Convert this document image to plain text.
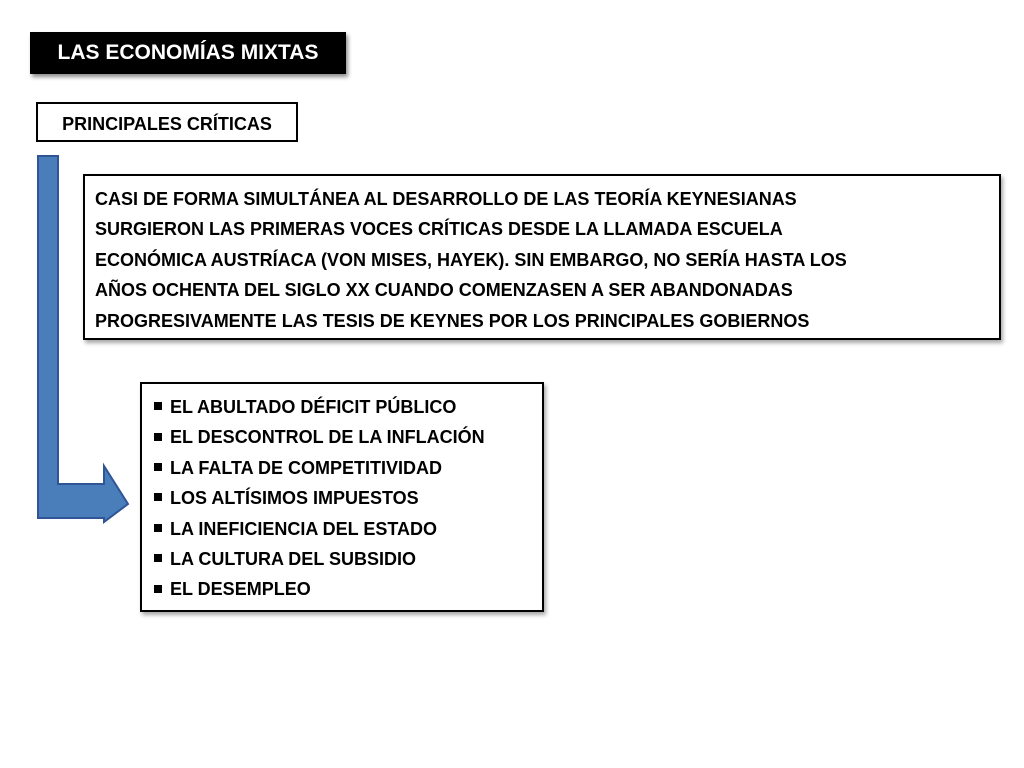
LAS ECONOMÍAS MIXTAS
PRINCIPALES CRÍTICAS
CASI DE FORMA SIMULTÁNEA AL DESARROLLO DE LAS TEORÍA KEYNESIANAS
SURGIERON LAS PRIMERAS VOCES CRÍTICAS DESDE LA LLAMADA ESCUELA
ECONÓMICA AUSTRÍACA (VON MISES, HAYEK). SIN EMBARGO, NO SERÍA HASTA LOS
AÑOS OCHENTA DEL SIGLO XX CUANDO COMENZASEN A SER ABANDONADAS
PROGRESIVAMENTE LAS TESIS DE KEYNES POR LOS PRINCIPALES GOBIERNOS
EL ABULTADO DÉFICIT PÚBLICO
EL DESCONTROL DE LA INFLACIÓN
LA FALTA DE COMPETITIVIDAD
LOS ALTÍSIMOS IMPUESTOS
LA INEFICIENCIA DEL ESTADO
LA CULTURA DEL SUBSIDIO
EL DESEMPLEO
